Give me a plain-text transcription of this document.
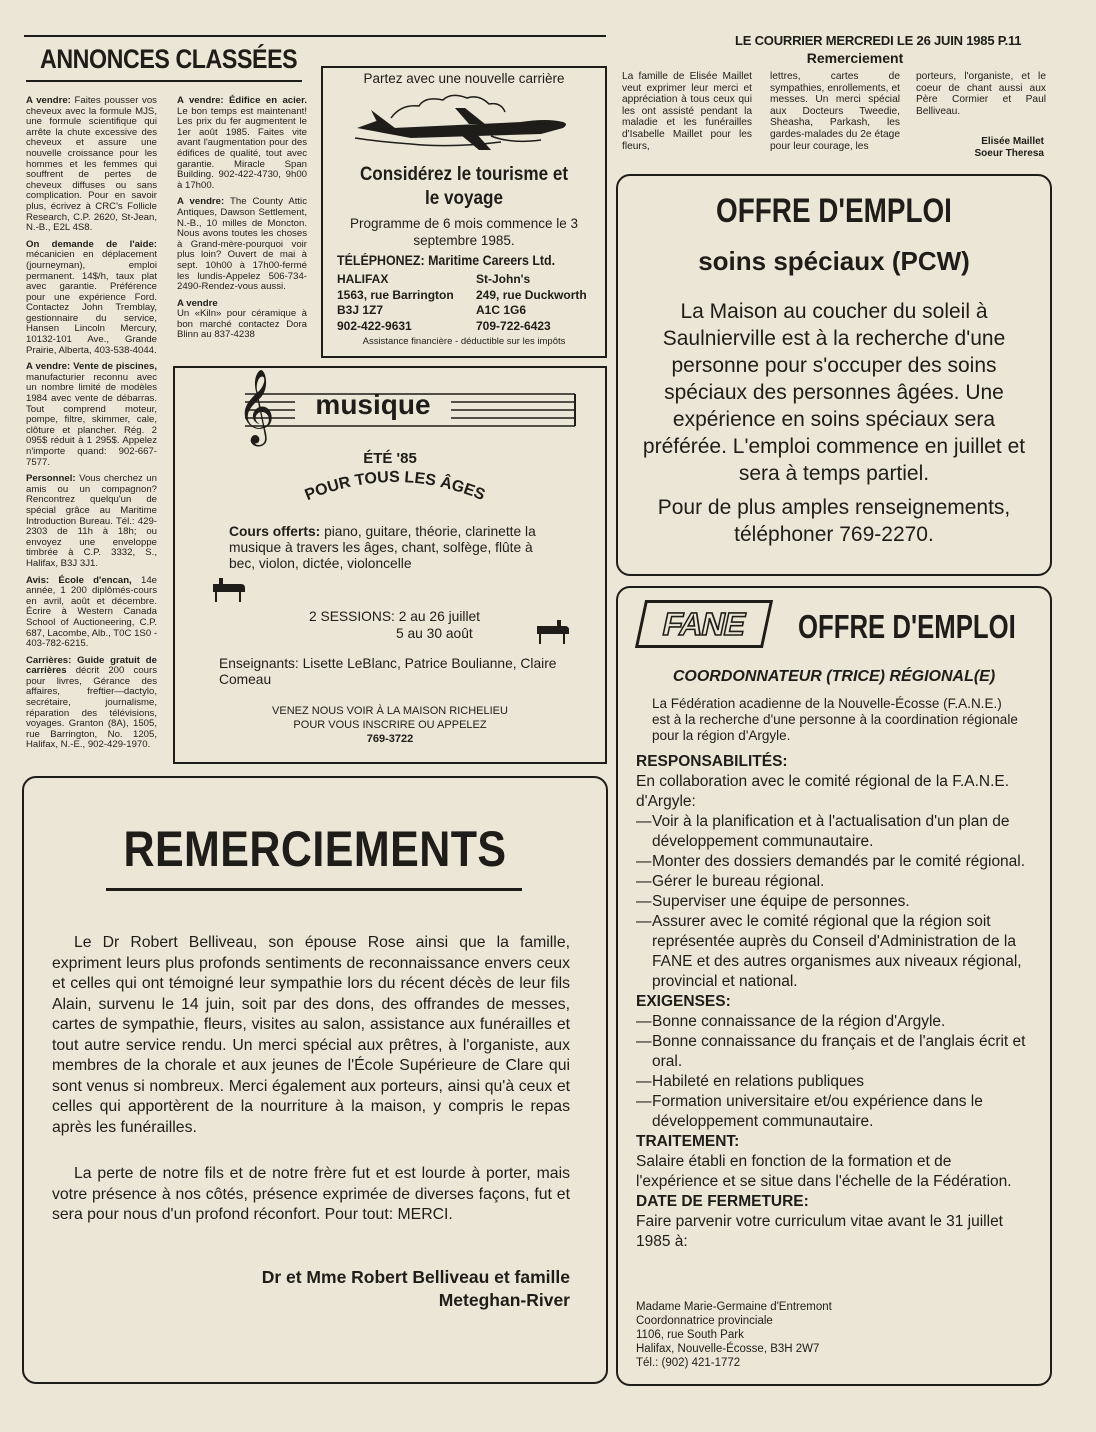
LE COURRIER MERCREDI LE 26 JUIN 1985 P.11
ANNONCES CLASSÉES

A vendre: Faites pousser vos cheveux avec la formule MJS, une formule scientifique qui arrête la chute excessive des cheveux et assure une nouvelle croissance pour les hommes et les femmes qui souffrent de pertes de cheveux diffuses ou sans complication. Pour en savoir plus, écrivez à CRC's Follicle Research, C.P. 2620, St-Jean, N.-B., E2L 4S8.

On demande de l'aide: mécanicien en déplacement (journeyman), emploi permanent. 14$/h, taux plat avec garantie. Préférence pour une expérience Ford. Contactez John Tremblay, gestionnaire du service, Hansen Lincoln Mercury, 10132-101 Ave., Grande Prairie, Alberta, 403-538-4044.

A vendre: Vente de piscines, manufacturier reconnu avec un nombre limité de modèles 1984 avec vente de débarras. Tout comprend moteur, pompe, filtre, skimmer, cale, clôture et plancher. Rég. 2 095$ réduit à 1 295$. Appelez n'importe quand: 902-667-7577.

Personnel: Vous cherchez un amis ou un compagnon? Rencontrez quelqu'un de spécial grâce au Maritime Introduction Bureau. Tél.: 429-2303 de 11h à 18h; ou envoyez une enveloppe timbrée à C.P. 3332, S., Halifax, B3J 3J1.

Avis: École d'encan, 14e année, 1 200 diplômés-cours en avril, août et décembre. Écrire à Western Canada School of Auctioneering, C.P. 687, Lacombe, Alb., T0C 1S0 - 403-782-6215.

Carrières: Guide gratuit de carrières décrit 200 cours pour livres, Gérance des affaires, freftier—dactylo, secrétaire, journalisme, réparation des télévisions, voyages. Granton (8A), 1505, rue Barrington, No. 1205, Halifax, N.-E., 902-429-1970.

A vendre: Édifice en acier. Le bon temps est maintenant! Les prix du fer augmentent le 1er août 1985. Faites vite avant l'augmentation pour des édifices de qualité, tout avec garantie. Miracle Span Building. 902-422-4730, 9h00 à 17h00.

A vendre: The County Attic Antiques, Dawson Settlement, N.-B., 10 milles de Moncton. Nous avons toutes les choses à Grand-mère-pourquoi voir plus loin? Ouvert de mai à sept. 10h00 à 17h00-fermé les lundis-Appelez 506-734-2490-Rendez-vous aussi.

A vendre
Un «Kiln» pour céramique à bon marché contactez Dora Blinn au 837-4238

Partez avec une nouvelle carrière
Considérez le tourisme et
le voyage
Programme de 6 mois commence le 3 septembre 1985.
TÉLÉPHONEZ: Maritime Careers Ltd.
HALIFAX
1563, rue Barrington
B3J 1Z7
902-422-9631
St-John's
249, rue Duckworth
A1C 1G6
709-722-6423
Assistance financière - déductible sur les impôts
𝄞	musique
ÉTÉ '85
POUR TOUS LES ÂGES
Cours offerts: piano, guitare, théorie, clarinette la musique à travers les âges, chant, solfège, flûte à bec, violon, dictée, violoncelle
2 SESSIONS: 2 au 26 juillet
5 au 30 août
Enseignants: Lisette LeBlanc, Patrice Boulianne, Claire Comeau
VENEZ NOUS VOIR À LA MAISON RICHELIEU
POUR VOUS INSCRIRE OU APPELEZ
769-3722
Remerciement
La famille de Elisée Maillet veut exprimer leur merci et appréciation à tous ceux qui les ont assisté pendant la maladie et les funérailles d'Isabelle Maillet pour les fleurs,
lettres, cartes de sympathies, enrollements, et messes. Un merci spécial aux Docteurs Tweedie, Sheasha, Parkash, les gardes-malades du 2e étage pour leur courage, les
porteurs, l'organiste, et le coeur de chant aussi aux Père Cormier et Paul Belliveau.
Elisée Maillet
Soeur Theresa
OFFRE D'EMPLOI
soins spéciaux (PCW)
La Maison au coucher du soleil à Saulnierville est à la recherche d'une personne pour s'occuper des soins spéciaux des personnes âgées. Une expérience en soins spéciaux sera préférée. L'emploi commence en juillet et sera à temps partiel.
Pour de plus amples renseignements, téléphoner 769-2270.
REMERCIEMENTS
Le Dr Robert Belliveau, son épouse Rose ainsi que la famille, expriment leurs plus profonds sentiments de reconnaissance envers ceux et celles qui ont témoigné leur sympathie lors du récent décès de leur fils Alain, survenu le 14 juin, soit par des dons, des offrandes de messes, cartes de sympathie, fleurs, visites au salon, assistance aux funérailles et tout autre service rendu. Un merci spécial aux prêtres, à l'organiste, aux membres de la chorale et aux jeunes de l'École Supérieure de Clare qui sont venus si nombreux. Merci également aux porteurs, ainsi qu'à ceux et celles qui apportèrent de la nourriture à la maison, y compris le repas après les funérailles.
La perte de notre fils et de notre frère fut et est lourde à porter, mais votre présence à nos côtés, présence exprimée de diverses façons, fut et sera pour nous d'un profond réconfort. Pour tout: MERCI.
Dr et Mme Robert Belliveau et famille
Meteghan-River
FANE OFFRE D'EMPLOI
COORDONNATEUR (TRICE) RÉGIONAL(E)
La Fédération acadienne de la Nouvelle-Écosse (F.A.N.E.) est à la recherche d'une personne à la coordination régionale pour la région d'Argyle.
RESPONSABILITÉS:
En collaboration avec le comité régional de la F.A.N.E. d'Argyle:
— Voir à la planification et à l'actualisation d'un plan de développement communautaire.
— Monter des dossiers demandés par le comité régional.
— Gérer le bureau régional.
— Superviser une équipe de personnes.
— Assurer avec le comité régional que la région soit représentée auprès du Conseil d'Administration de la FANE et des autres organismes aux niveaux régional, provincial et national.
EXIGENSES:
— Bonne connaissance de la région d'Argyle.
— Bonne connaissance du français et de l'anglais écrit et oral.
— Habileté en relations publiques
— Formation universitaire et/ou expérience dans le développement communautaire.
TRAITEMENT:
Salaire établi en fonction de la formation et de l'expérience et se situe dans l'échelle de la Fédération.
DATE DE FERMETURE:
Faire parvenir votre curriculum vitae avant le 31 juillet 1985 à:
Madame Marie-Germaine d'Entremont
Coordonnatrice provinciale
1106, rue South Park
Halifax, Nouvelle-Écosse, B3H 2W7
Tél.: (902) 421-1772
